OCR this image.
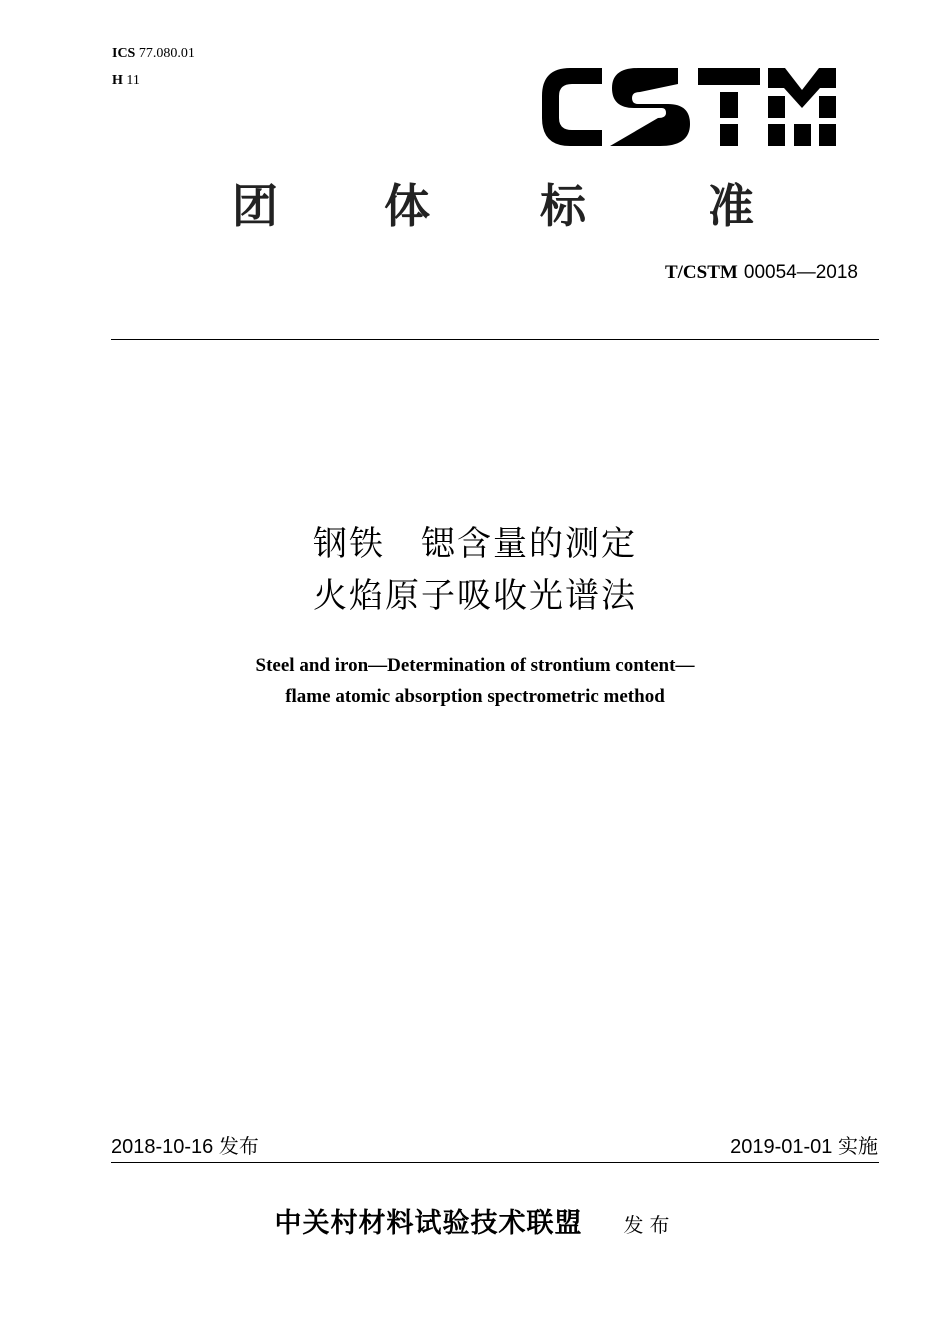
ICS 77.080.01
H 11
团 体 标	准
T/CSTM 00054—2018
钢铁　锶含量的测定
火焰原子吸收光谱法
Steel and iron—Determination of strontium content—
flame atomic absorption spectrometric method
2018-10-16 发布	2019-01-01 实施
中关村材料试验技术联盟 发布
